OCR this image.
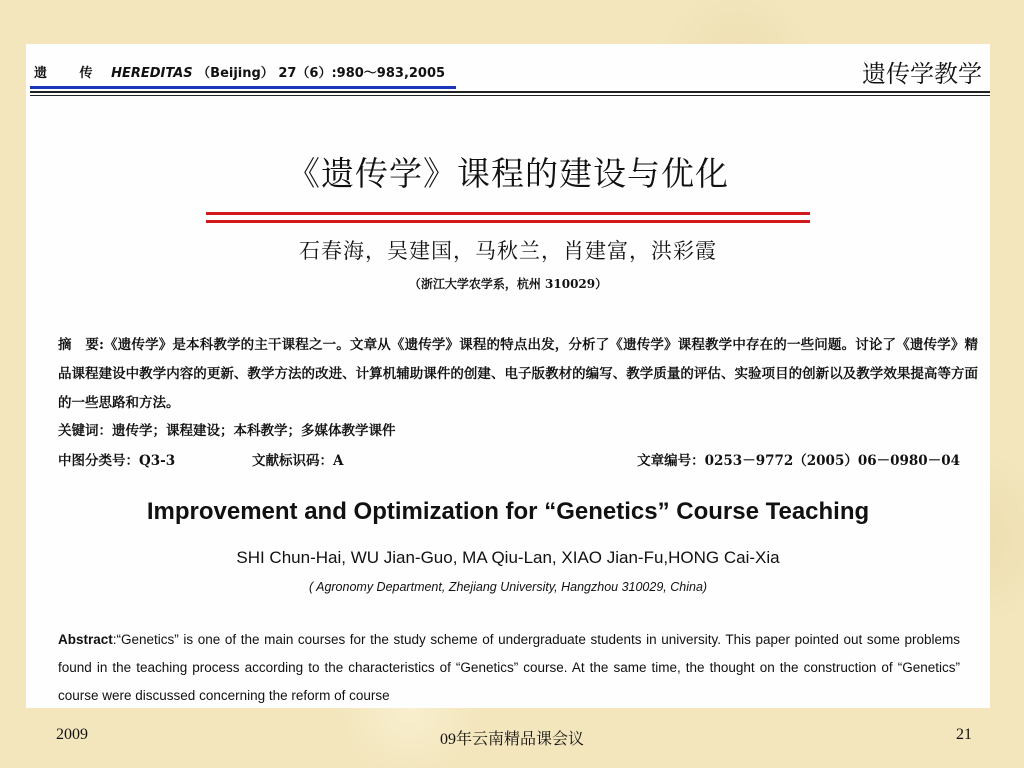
遗 传 HEREDITAS （Beijing） 27（6）:980～983,2005	遗传学教学
《遗传学》课程的建设与优化
石春海，吴建国，马秋兰，肖建富，洪彩霞
（浙江大学农学系，杭州 310029）
摘　要:《遗传学》是本科教学的主干课程之一。文章从《遗传学》课程的特点出发，分析了《遗传学》课程教学中存在的一些问题。讨论了《遗传学》精品课程建设中教学内容的更新、教学方法的改进、计算机辅助课件的创建、电子版教材的编写、教学质量的评估、实验项目的创新以及教学效果提高等方面的一些思路和方法。
关键词：遗传学；课程建设；本科教学；多媒体教学课件
中图分类号：Q3-3	文献标识码：A	文章编号：0253－9772（2005）06－0980－04
Improvement and Optimization for “Genetics” Course Teaching
SHI Chun-Hai, WU Jian-Guo, MA Qiu-Lan, XIAO Jian-Fu,HONG Cai-Xia
( Agronomy Department, Zhejiang University, Hangzhou 310029, China)
Abstract:“Genetics” is one of the main courses for the study scheme of undergraduate students in university. This paper pointed out some problems found in the teaching process according to the characteristics of “Genetics” course. At the same time, the thought on the construction of “Genetics” course were discussed concerning the reform of course
2009	09年云南精品课会议	21
